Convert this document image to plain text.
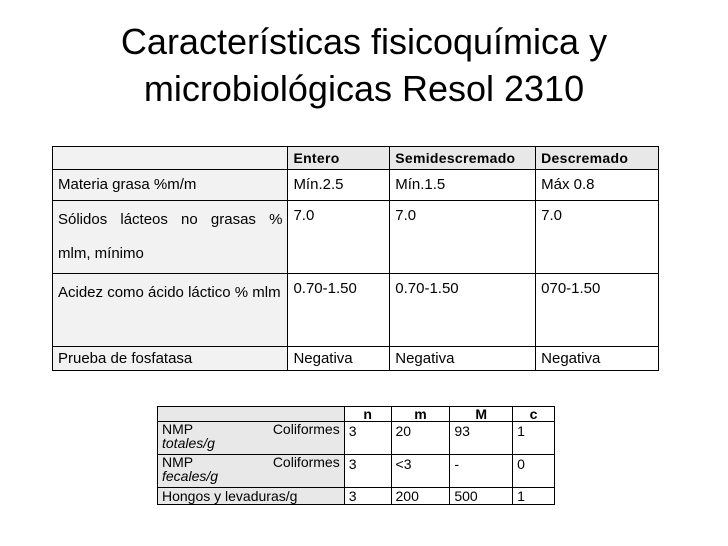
Características fisicoquímica y
microbiológicas Resol 2310
	Entero	Semidescremado	Descremado
Materia grasa %m/m	Mín.2.5	Mín.1.5	Máx 0.8
Sólidos lácteos no grasas % mlm, mínimo	7.0	7.0	7.0
Acidez como ácido láctico % mlm	0.70-1.50	0.70-1.50	070-1.50
Prueba de fosfatasa	Negativa	Negativa	Negativa
	n	m	M	c

NMP Coliformes
totales/g	3	20	93	1

NMP Coliformes
fecales/g	3	<3	-	0
Hongos y levaduras/g	3	200	500	1
